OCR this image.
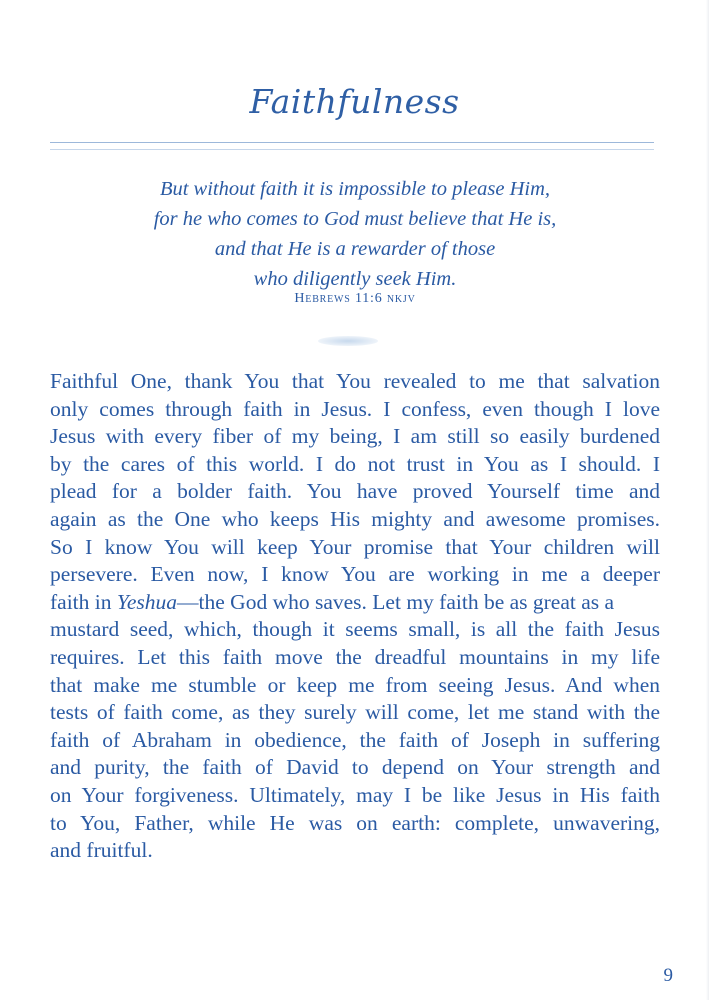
Faithfulness
But without faith it is impossible to please Him,
for he who comes to God must believe that He is,
and that He is a rewarder of those
who diligently seek Him.
Hebrews 11:6 nkjv
Faithful One, thank You that You revealed to me that salvation
only comes through faith in Jesus. I confess, even though I love
Jesus with every fiber of my being, I am still so easily burdened
by the cares of this world. I do not trust in You as I should. I
plead for a bolder faith. You have proved Yourself time and
again as the One who keeps His mighty and awesome promises.
So I know You will keep Your promise that Your children will
persevere. Even now, I know You are working in me a deeper
faith in Yeshua—the God who saves. Let my faith be as great as a
mustard seed, which, though it seems small, is all the faith Jesus
requires. Let this faith move the dreadful mountains in my life
that make me stumble or keep me from seeing Jesus. And when
tests of faith come, as they surely will come, let me stand with the
faith of Abraham in obedience, the faith of Joseph in suffering
and purity, the faith of David to depend on Your strength and
on Your forgiveness. Ultimately, may I be like Jesus in His faith
to You, Father, while He was on earth: complete, unwavering,
and fruitful.
9
